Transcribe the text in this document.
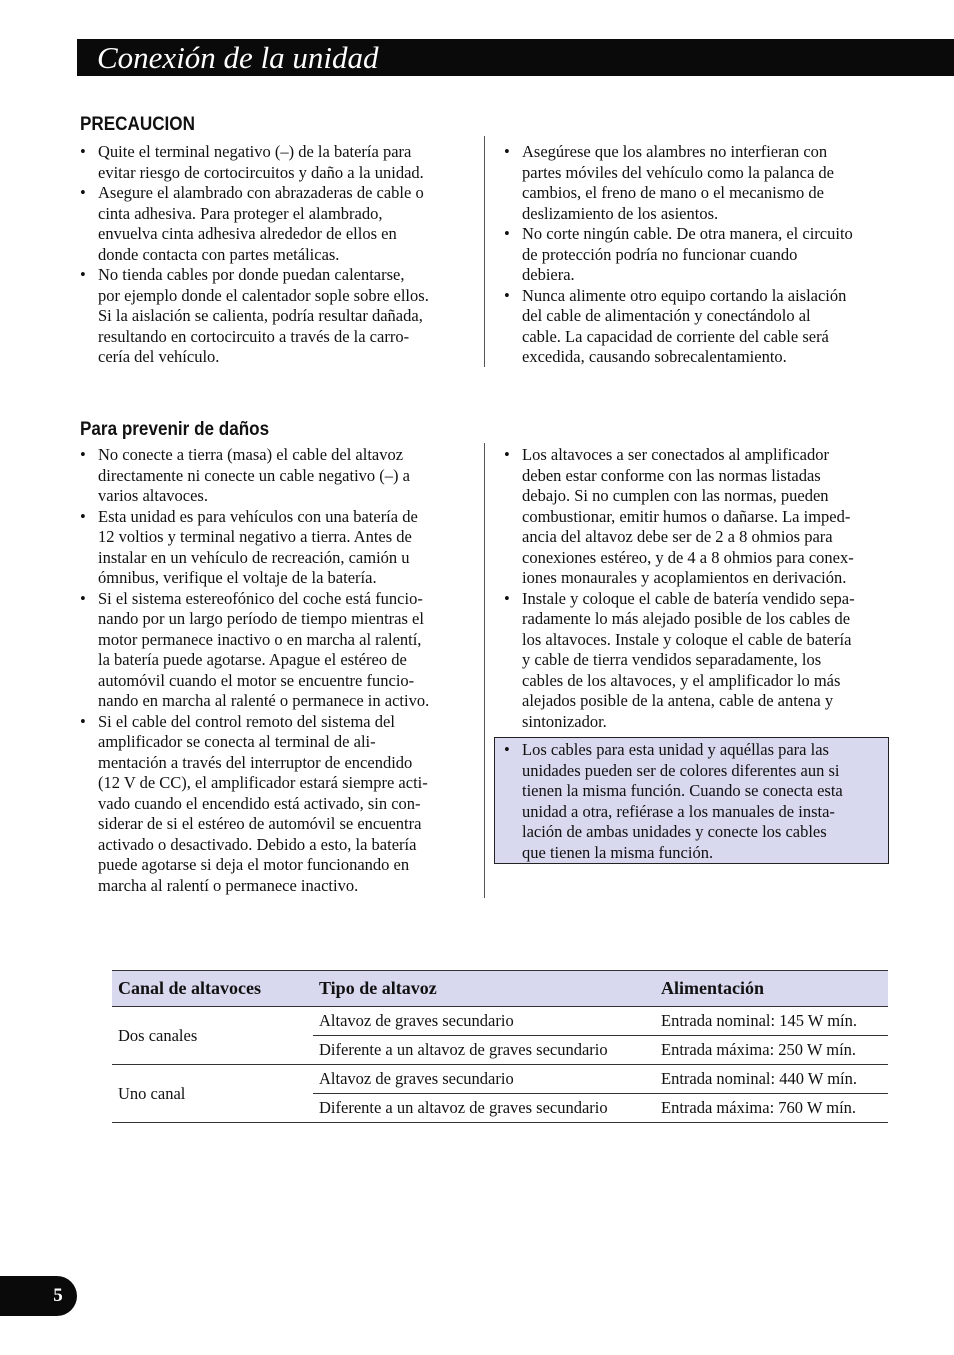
Conexión de la unidad
PRECAUCION
• Quite el terminal negativo (–) de la batería para
evitar riesgo de cortocircuitos y daño a la unidad.
• Asegure el alambrado con abrazaderas de cable o
cinta adhesiva. Para proteger el alambrado,
envuelva cinta adhesiva alrededor de ellos en
donde contacta con partes metálicas.
• No tienda cables por donde puedan calentarse,
por ejemplo donde el calentador sople sobre ellos.
Si la aislación se calienta, podría resultar dañada,
resultando en cortocircuito a través de la carro-
cería del vehículo.
• Asegúrese que los alambres no interfieran con
partes móviles del vehículo como la palanca de
cambios, el freno de mano o el mecanismo de
deslizamiento de los asientos.
• No corte ningún cable. De otra manera, el circuito
de protección podría no funcionar cuando
debiera.
• Nunca alimente otro equipo cortando la aislación
del cable de alimentación y conectándolo al
cable. La capacidad de corriente del cable será
excedida, causando sobrecalentamiento.
Para prevenir de daños
• No conecte a tierra (masa) el cable del altavoz
directamente ni conecte un cable negativo (–) a
varios altavoces.
• Esta unidad es para vehículos con una batería de
12 voltios y terminal negativo a tierra. Antes de
instalar en un vehículo de recreación, camión u
ómnibus, verifique el voltaje de la batería.
• Si el sistema estereofónico del coche está funcio-
nando por un largo período de tiempo mientras el
motor permanece inactivo o en marcha al ralentí,
la batería puede agotarse. Apague el estéreo de
automóvil cuando el motor se encuentre funcio-
nando en marcha al ralenté o permanece in activo.
• Si el cable del control remoto del sistema del
amplificador se conecta al terminal de ali-
mentación a través del interruptor de encendido
(12 V de CC), el amplificador estará siempre acti-
vado cuando el encendido está activado, sin con-
siderar de si el estéreo de automóvil se encuentra
activado o desactivado. Debido a esto, la batería
puede agotarse si deja el motor funcionando en
marcha al ralentí o permanece inactivo.
• Los altavoces a ser conectados al amplificador
deben estar conforme con las normas listadas
debajo. Si no cumplen con las normas, pueden
combustionar, emitir humos o dañarse. La imped-
ancia del altavoz debe ser de 2 a 8 ohmios para
conexiones estéreo, y de 4 a 8 ohmios para conex-
iones monaurales y acoplamientos en derivación.
• Instale y coloque el cable de batería vendido sepa-
radamente lo más alejado posible de los cables de
los altavoces. Instale y coloque el cable de batería
y cable de tierra vendidos separadamente, los
cables de los altavoces, y el amplificador lo más
alejados posible de la antena, cable de antena y
sintonizador.
• Los cables para esta unidad y aquéllas para las
unidades pueden ser de colores diferentes aun si
tienen la misma función. Cuando se conecta esta
unidad a otra, refiérase a los manuales de insta-
lación de ambas unidades y conecte los cables
que tienen la misma función.
Canal de altavoces	Tipo de altavoz	Alimentación
Dos canales	Altavoz de graves secundario	Entrada nominal: 145 W mín.
	Diferente a un altavoz de graves secundario	Entrada máxima: 250 W mín.
Uno canal	Altavoz de graves secundario	Entrada nominal: 440 W mín.
	Diferente a un altavoz de graves secundario	Entrada máxima: 760 W mín.
5
